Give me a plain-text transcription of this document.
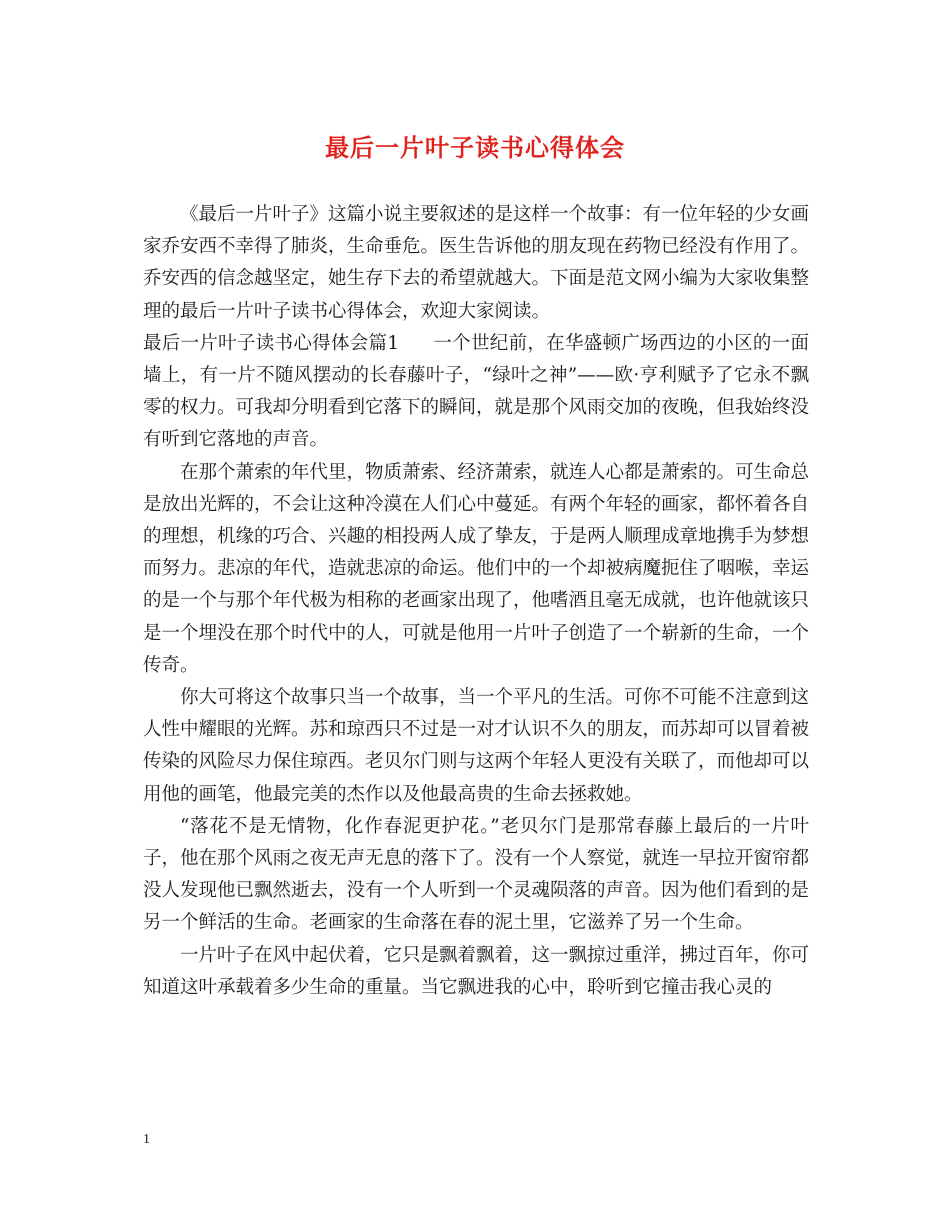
最后一片叶子读书心得体会

《最后一片叶子》这篇小说主要叙述的是这样一个故事：有一位年轻的少女画家乔安西不幸得了肺炎，生命垂危。医生告诉他的朋友现在药物已经没有作用了。乔安西的信念越坚定，她生存下去的希望就越大。下面是范文网小编为大家收集整理的最后一片叶子读书心得体会，欢迎大家阅读。

最后一片叶子读书心得体会篇1 一个世纪前，在华盛顿广场西边的小区的一面墙上，有一片不随风摆动的长春藤叶子，“绿叶之神”——欧·亨利赋予了它永不飘零的权力。可我却分明看到它落下的瞬间，就是那个风雨交加的夜晚，但我始终没有听到它落地的声音。

在那个萧索的年代里，物质萧索、经济萧索，就连人心都是萧索的。可生命总是放出光辉的，不会让这种冷漠在人们心中蔓延。有两个年轻的画家，都怀着各自的理想，机缘的巧合、兴趣的相投两人成了挚友，于是两人顺理成章地携手为梦想而努力。悲凉的年代，造就悲凉的命运。他们中的一个却被病魔扼住了咽喉，幸运的是一个与那个年代极为相称的老画家出现了，他嗜酒且毫无成就，也许他就该只是一个埋没在那个时代中的人，可就是他用一片叶子创造了一个崭新的生命，一个传奇。

你大可将这个故事只当一个故事，当一个平凡的生活。可你不可能不注意到这人性中耀眼的光辉。苏和琼西只不过是一对才认识不久的朋友，而苏却可以冒着被传染的风险尽力保住琼西。老贝尔门则与这两个年轻人更没有关联了，而他却可以用他的画笔，他最完美的杰作以及他最高贵的生命去拯救她。

“落花不是无情物，化作春泥更护花。”老贝尔门是那常春藤上最后的一片叶子，他在那个风雨之夜无声无息的落下了。没有一个人察觉，就连一早拉开窗帘都没人发现他已飘然逝去，没有一个人听到一个灵魂陨落的声音。因为他们看到的是另一个鲜活的生命。老画家的生命落在春的泥土里，它滋养了另一个生命。

一片叶子在风中起伏着，它只是飘着飘着，这一飘掠过重洋，拂过百年，你可知道这叶承载着多少生命的重量。当它飘进我的心中，聆听到它撞击我心灵的

1
